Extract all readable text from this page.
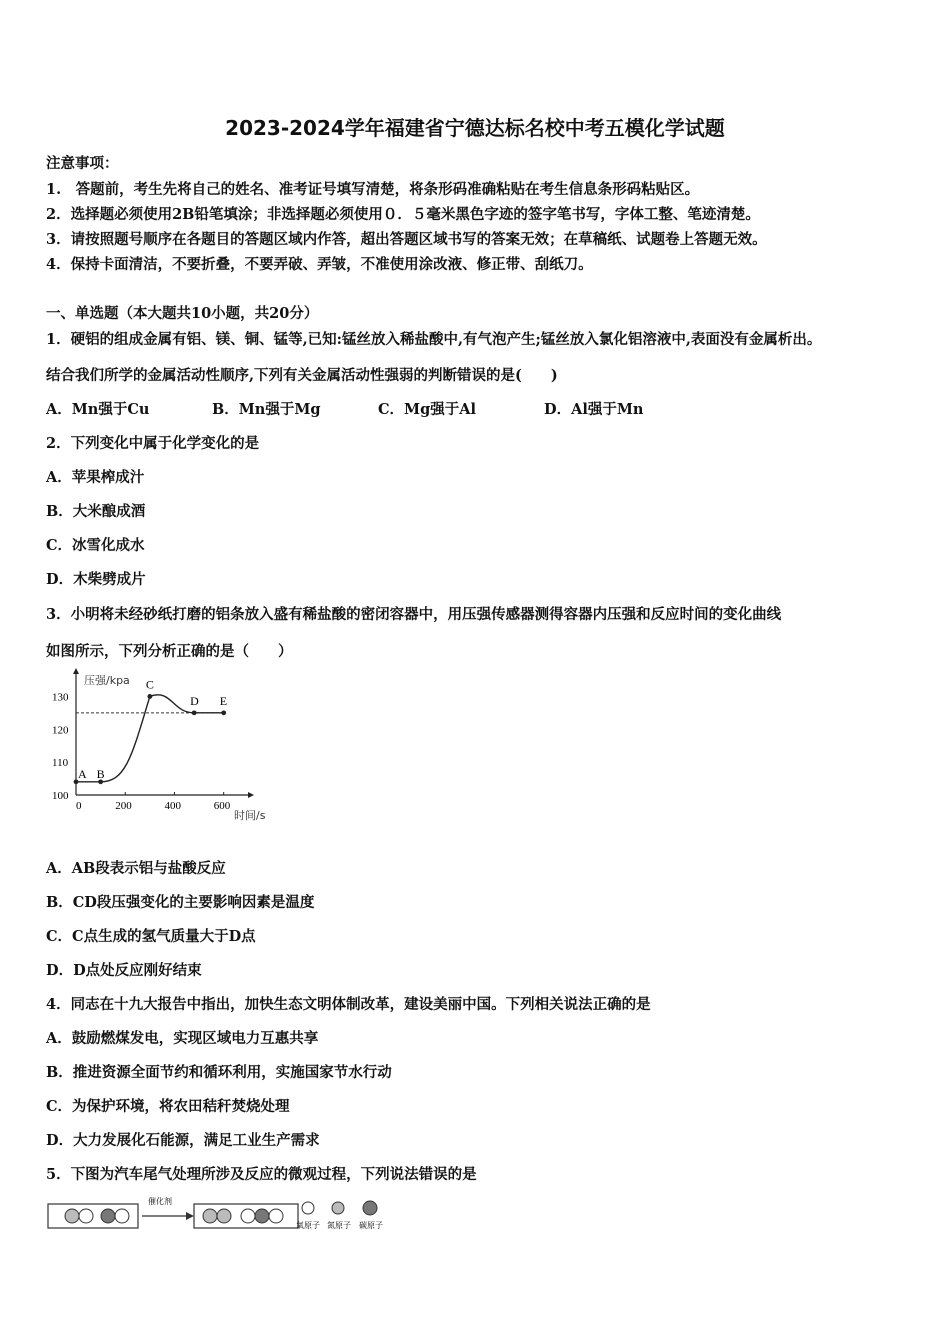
2023-2024学年福建省宁德达标名校中考五模化学试题
注意事项：
1.　答题前，考生先将自己的姓名、准考证号填写清楚，将条形码准确粘贴在考生信息条形码粘贴区。
2．选择题必须使用2B铅笔填涂；非选择题必须使用０．５毫米黑色字迹的签字笔书写，字体工整、笔迹清楚。
3．请按照题号顺序在各题目的答题区域内作答，超出答题区域书写的答案无效；在草稿纸、试题卷上答题无效。
4．保持卡面清洁，不要折叠，不要弄破、弄皱，不准使用涂改液、修正带、刮纸刀。
一、单选题（本大题共10小题，共20分）
1．硬铝的组成金属有铝、镁、铜、锰等,已知:锰丝放入稀盐酸中,有气泡产生;锰丝放入氯化铝溶液中,表面没有金属析出。
结合我们所学的金属活动性顺序,下列有关金属活动性强弱的判断错误的是(　　)
A．Mn强于Cu	B．Mn强于Mg	C．Mg强于Al	D．Al强于Mn
2．下列变化中属于化学变化的是
A．苹果榨成汁
B．大米酿成酒
C．冰雪化成水
D．木柴劈成片
3．小明将未经砂纸打磨的铝条放入盛有稀盐酸的密闭容器中，用压强传感器测得容器内压强和反应时间的变化曲线
如图所示，下列分析正确的是（　　）
压强/kpa
时间/s
0	200	400	600
100
110
120
130
A B
C
D E
A．AB段表示铝与盐酸反应
B．CD段压强变化的主要影响因素是温度
C．C点生成的氢气质量大于D点
D．D点处反应刚好结束
4．同志在十九大报告中指出，加快生态文明体制改革，建设美丽中国。下列相关说法正确的是
A．鼓励燃煤发电，实现区域电力互惠共享
B．推进资源全面节约和循环利用，实施国家节水行动
C．为保护环境，将农田秸秆焚烧处理
D．大力发展化石能源，满足工业生产需求
5．下图为汽车尾气处理所涉及反应的微观过程，下列说法错误的是
催化剂
氧原子 氮原子 碳原子
